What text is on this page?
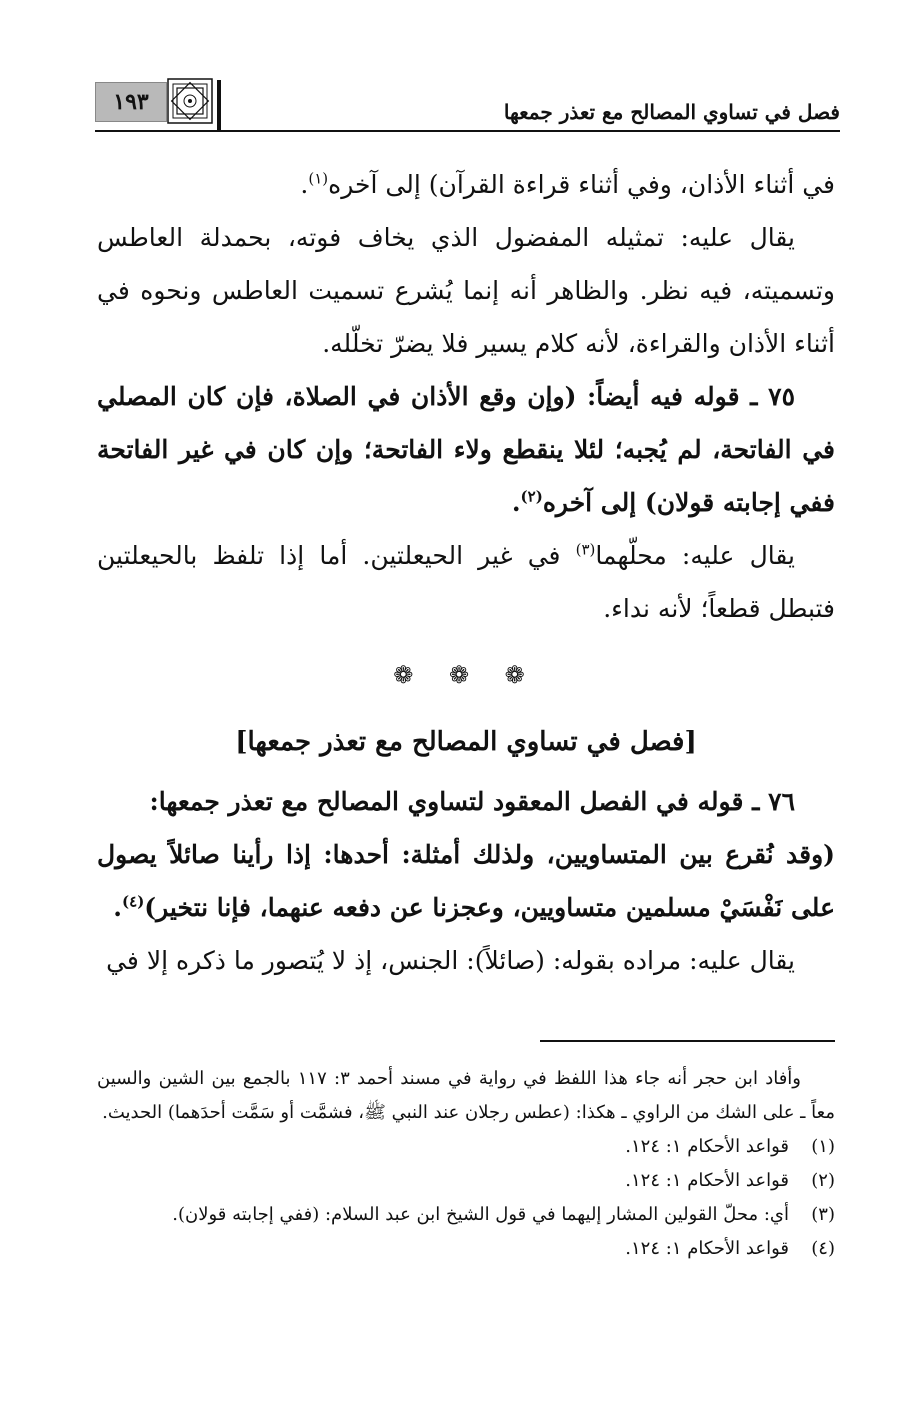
فصل في تساوي المصالح مع تعذر جمعها
١٩٣

في أثناء الأذان، وفي أثناء قراءة القرآن) إلى آخره$^{(١)}$.

يقال عليه: تمثيله المفضول الذي يخاف فوته، بحمدلة العاطس وتسميته، فيه نظر. والظاهر أنه إنما يُشرع تسميت العاطس ونحوه في أثناء الأذان والقراءة، لأنه كلام يسير فلا يضرّ تخلّله.

٧٥ ـ قوله فيه أيضاً: (وإن وقع الأذان في الصلاة، فإن كان المصلي في الفاتحة، لم يُجبه؛ لئلا ينقطع ولاء الفاتحة؛ وإن كان في غير الفاتحة ففي إجابته قولان) إلى آخره$^{(٢)}$.

يقال عليه: محلّهما$^{(٣)}$ في غير الحيعلتين. أما إذا تلفظ بالحيعلتين فتبطل قطعاً؛ لأنه نداء.

❁ ❁ ❁
[فصل في تساوي المصالح مع تعذر جمعها]

٧٦ ـ قوله في الفصل المعقود لتساوي المصالح مع تعذر جمعها:

(وقد نُقرع بين المتساويين، ولذلك أمثلة: أحدها: إذا رأينا صائلاً يصول على نَفْسَيْ مسلمين متساويين، وعجزنا عن دفعه عنهما، فإنا نتخير)$^{(٤)}$.

يقال عليه: مراده بقوله: (صائلاً): الجنس، إذ لا يُتصور ما ذكره إلا في

وأفاد ابن حجر أنه جاء هذا اللفظ في رواية في مسند أحمد ٣: ١١٧ بالجمع بين الشين والسين معاً ـ على الشك من الراوي ـ هكذا: (عطس رجلان عند النبي ﷺ، فشمَّت أو سَمَّت أحدَهما) الحديث.

(١)
قواعد الأحكام ١: ١٢٤.
(٢)
قواعد الأحكام ١: ١٢٤.
(٣)
أي: محلّ القولين المشار إليهما في قول الشيخ ابن عبد السلام: (ففي إجابته قولان).
(٤)
قواعد الأحكام ١: ١٢٤.
